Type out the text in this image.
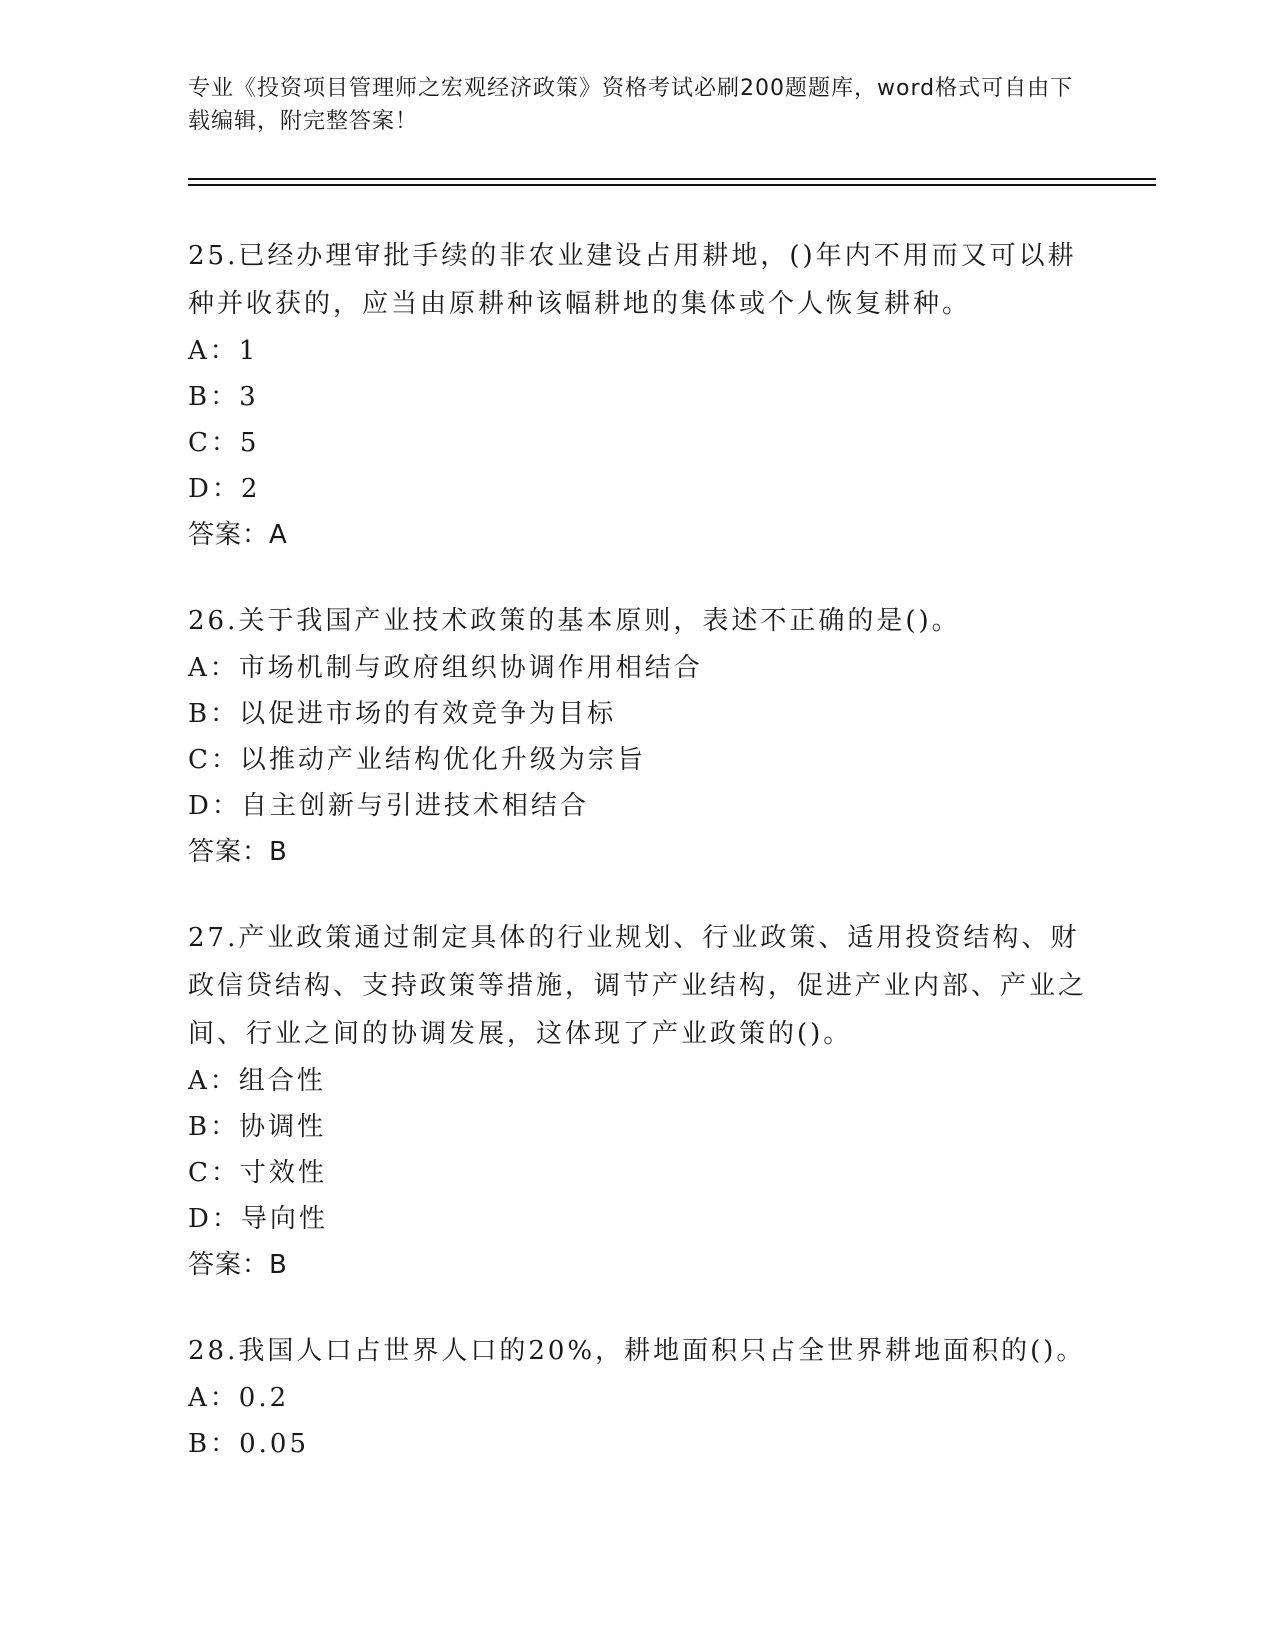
专业《投资项目管理师之宏观经济政策》资格考试必刷200题题库，word格式可自由下载编辑，附完整答案！

25.已经办理审批手续的非农业建设占用耕地，()年内不用而又可以耕种并收获的，应当由原耕种该幅耕地的集体或个人恢复耕种。

A：1

B：3

C：5

D：2

答案：A

26.关于我国产业技术政策的基本原则，表述不正确的是()。

A：市场机制与政府组织协调作用相结合

B：以促进市场的有效竞争为目标

C：以推动产业结构优化升级为宗旨

D：自主创新与引进技术相结合

答案：B

27.产业政策通过制定具体的行业规划、行业政策、适用投资结构、财政信贷结构、支持政策等措施，调节产业结构，促进产业内部、产业之间、行业之间的协调发展，这体现了产业政策的()。

A：组合性

B：协调性

C：寸效性

D：导向性

答案：B

28.我国人口占世界人口的20%，耕地面积只占全世界耕地面积的()。

A：0.2

B：0.05
